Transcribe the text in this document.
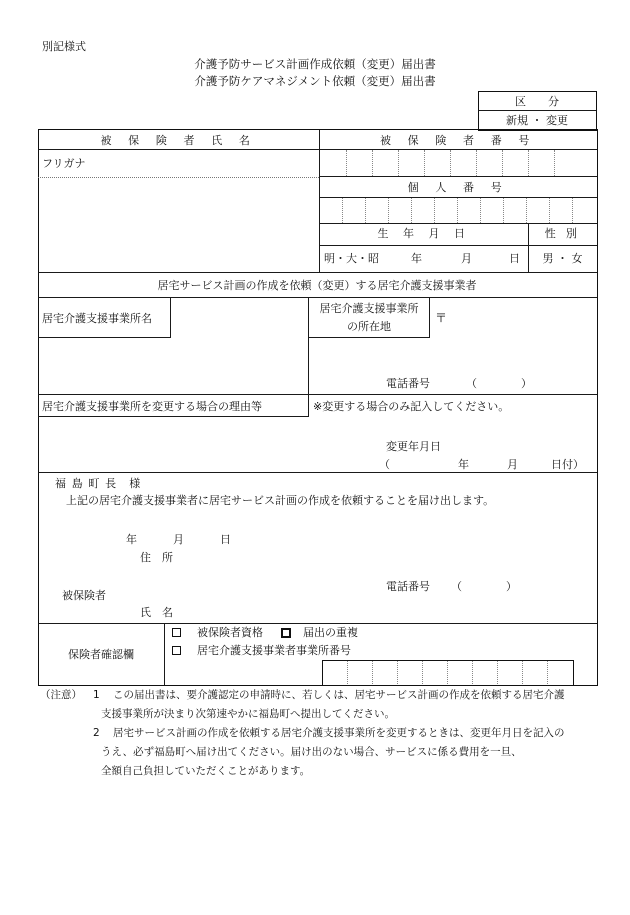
別記様式
介護予防サービス計画作成依頼（変更）届出書
介護予防ケアマネジメント依頼（変更）届出書
区　　分
新規 ・ 変更
被 保 険 者 氏 名	被 保 険 者 番 号
フリガナ
個 人 番 号
生 年 月 日	性 別
明・大・昭	年	月	日	男 ・ 女
居宅サービス計画の作成を依頼（変更）する居宅介護支援事業者
居宅介護支援事業所名
居宅介護支援事業所
の所在地
〒
電話番号	（　　　　）
居宅介護支援事業所を変更する場合の理由等	※変更する場合のみ記入してください。
変更年月日
（	年	月	日付）
福 島 町 長　様
上記の居宅介護支援事業者に居宅サービス計画の作成を依頼することを届け出します。
年	月	日
住　所
被保険者
電話番号 （　　　　）
氏　名
保険者確認欄
被保険者資格	届出の重複
居宅介護支援事業者事業所番号
（注意） 1 この届出書は、要介護認定の申請時に、若しくは、居宅サービス計画の作成を依頼する居宅介護
支援事業所が決まり次第速やかに福島町へ提出してください。
2 居宅サービス計画の作成を依頼する居宅介護支援事業所を変更するときは、変更年月日を記入の
うえ、必ず福島町へ届け出てください。届け出のない場合、サービスに係る費用を一旦、
全額自己負担していただくことがあります。
